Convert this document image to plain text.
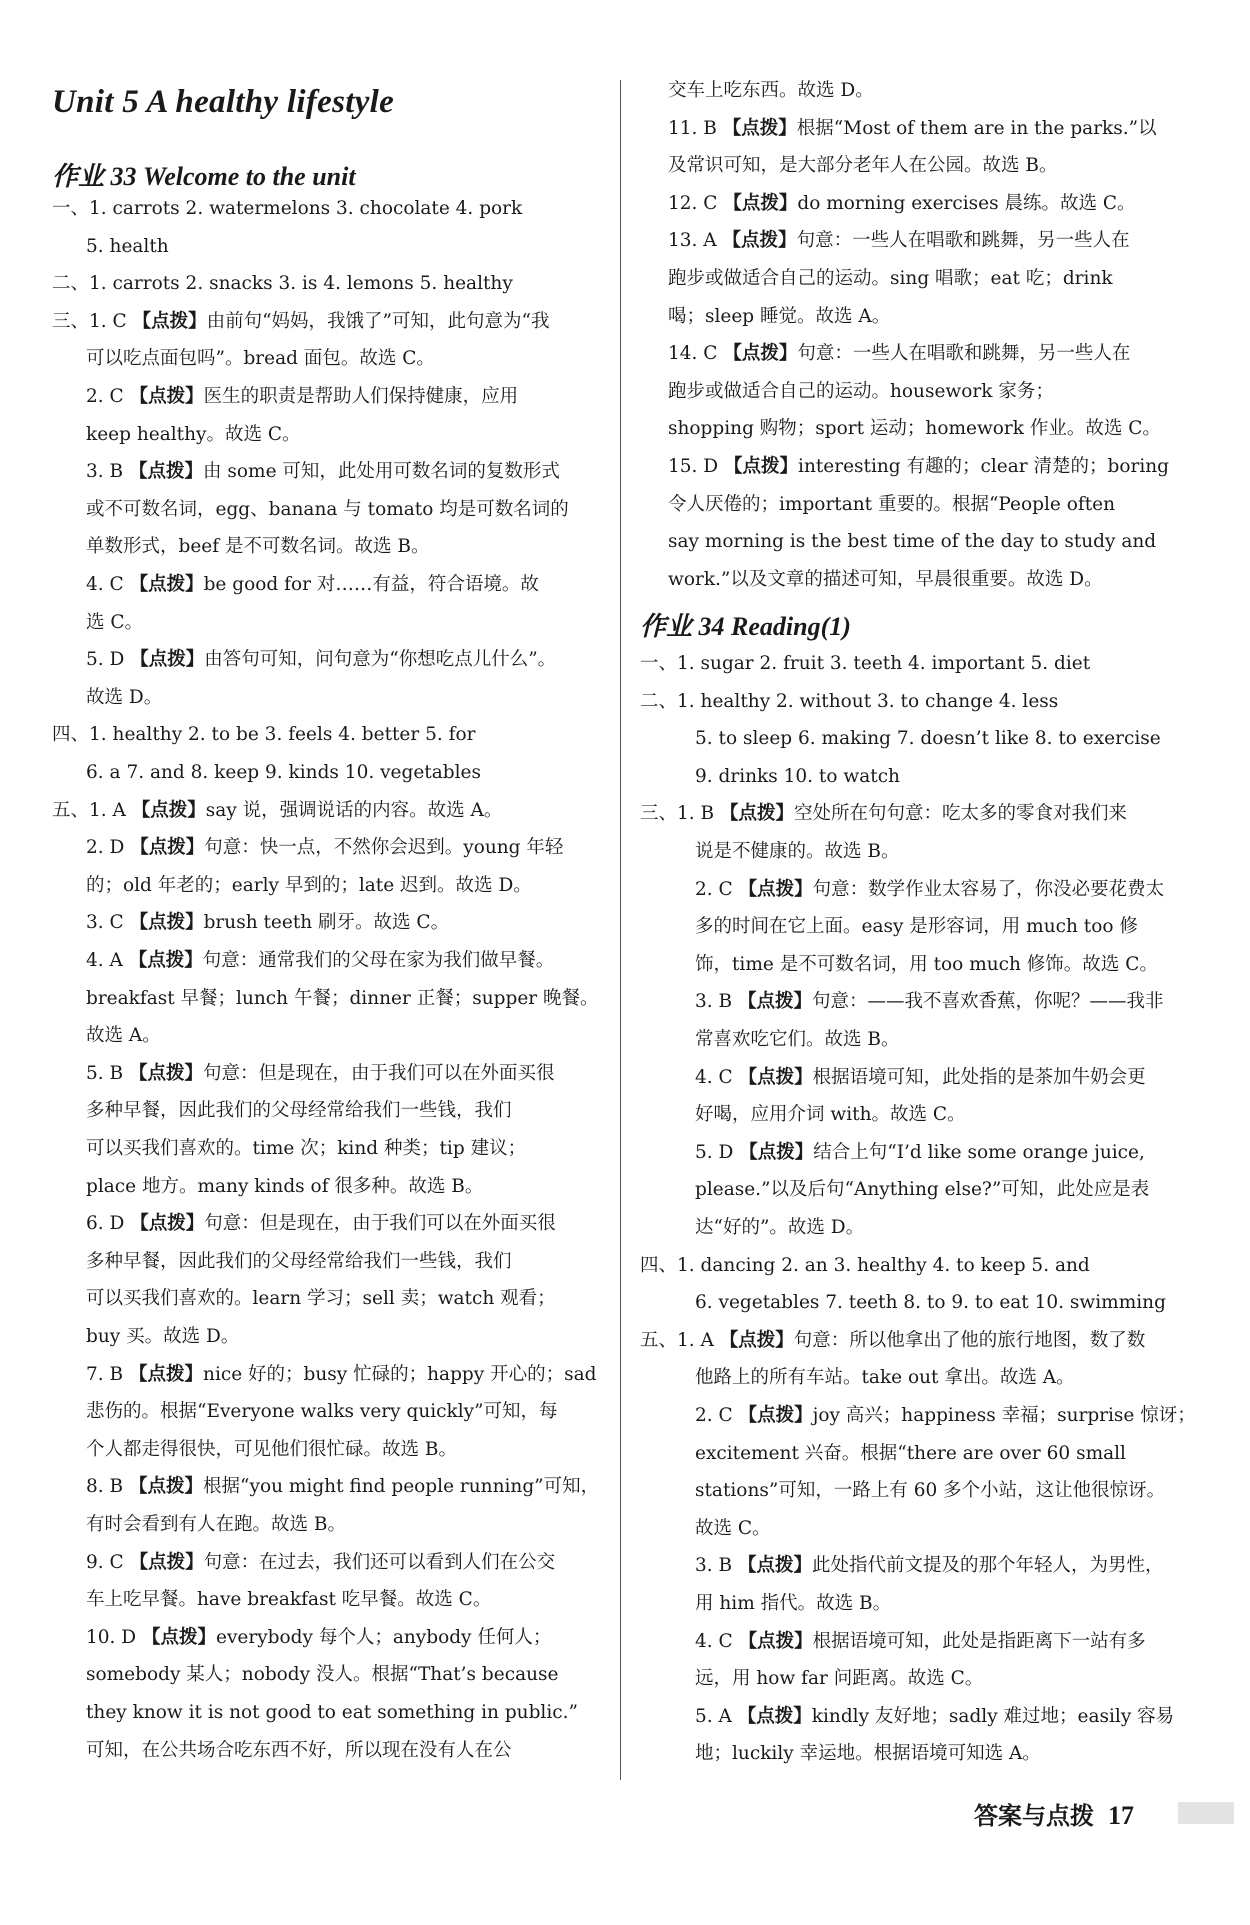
Unit 5 A healthy lifestyle
一、1. carrots 2. watermelons 3. chocolate 4. pork
5. health
二、1. carrots 2. snacks 3. is 4. lemons 5. healthy
三、1. C 【点拨】由前句“妈妈，我饿了”可知，此句意为“我
可以吃点面包吗”。bread 面包。故选 C。
2. C 【点拨】医生的职责是帮助人们保持健康，应用
keep healthy。故选 C。
3. B 【点拨】由 some 可知，此处用可数名词的复数形式
或不可数名词，egg、banana 与 tomato 均是可数名词的
单数形式，beef 是不可数名词。故选 B。
4. C 【点拨】be good for 对……有益，符合语境。故
选 C。
5. D 【点拨】由答句可知，问句意为“你想吃点儿什么”。
故选 D。
四、1. healthy 2. to be 3. feels 4. better 5. for
6. a 7. and 8. keep 9. kinds 10. vegetables
五、1. A 【点拨】say 说，强调说话的内容。故选 A。
2. D 【点拨】句意：快一点，不然你会迟到。young 年轻
的；old 年老的；early 早到的；late 迟到。故选 D。
3. C 【点拨】brush teeth 刷牙。故选 C。
4. A 【点拨】句意：通常我们的父母在家为我们做早餐。
breakfast 早餐；lunch 午餐；dinner 正餐；supper 晚餐。
故选 A。
5. B 【点拨】句意：但是现在，由于我们可以在外面买很
多种早餐，因此我们的父母经常给我们一些钱，我们
可以买我们喜欢的。time 次；kind 种类；tip 建议；
place 地方。many kinds of 很多种。故选 B。
6. D 【点拨】句意：但是现在，由于我们可以在外面买很
多种早餐，因此我们的父母经常给我们一些钱，我们
可以买我们喜欢的。learn 学习；sell 卖；watch 观看；
buy 买。故选 D。
7. B 【点拨】nice 好的；busy 忙碌的；happy 开心的；sad
悲伤的。根据“Everyone walks very quickly”可知，每
个人都走得很快，可见他们很忙碌。故选 B。
8. B 【点拨】根据“you might find people running”可知，
有时会看到有人在跑。故选 B。
9. C 【点拨】句意：在过去，我们还可以看到人们在公交
车上吃早餐。have breakfast 吃早餐。故选 C。
10. D 【点拨】everybody 每个人；anybody 任何人；
somebody 某人；nobody 没人。根据“That’s because
they know it is not good to eat something in public.”
可知，在公共场合吃东西不好，所以现在没有人在公
交车上吃东西。故选 D。
11. B 【点拨】根据“Most of them are in the parks.”以
及常识可知，是大部分老年人在公园。故选 B。
12. C 【点拨】do morning exercises 晨练。故选 C。
13. A 【点拨】句意：一些人在唱歌和跳舞，另一些人在
跑步或做适合自己的运动。sing 唱歌；eat 吃；drink
喝；sleep 睡觉。故选 A。
14. C 【点拨】句意：一些人在唱歌和跳舞，另一些人在
跑步或做适合自己的运动。housework 家务；
shopping 购物；sport 运动；homework 作业。故选 C。
15. D 【点拨】interesting 有趣的；clear 清楚的；boring
令人厌倦的；important 重要的。根据“People often
say morning is the best time of the day to study and
work.”以及文章的描述可知，早晨很重要。故选 D。
一、1. sugar 2. fruit 3. teeth 4. important 5. diet
二、1. healthy 2. without 3. to change 4. less
5. to sleep 6. making 7. doesn’t like 8. to exercise
9. drinks 10. to watch
三、1. B 【点拨】空处所在句句意：吃太多的零食对我们来
说是不健康的。故选 B。
2. C 【点拨】句意：数学作业太容易了，你没必要花费太
多的时间在它上面。easy 是形容词，用 much too 修
饰，time 是不可数名词，用 too much 修饰。故选 C。
3. B 【点拨】句意：——我不喜欢香蕉，你呢？——我非
常喜欢吃它们。故选 B。
4. C 【点拨】根据语境可知，此处指的是茶加牛奶会更
好喝，应用介词 with。故选 C。
5. D 【点拨】结合上句“I’d like some orange juice,
please.”以及后句“Anything else?”可知，此处应是表
达“好的”。故选 D。
四、1. dancing 2. an 3. healthy 4. to keep 5. and
6. vegetables 7. teeth 8. to 9. to eat 10. swimming
五、1. A 【点拨】句意：所以他拿出了他的旅行地图，数了数
他路上的所有车站。take out 拿出。故选 A。
2. C 【点拨】joy 高兴；happiness 幸福；surprise 惊讶；
excitement 兴奋。根据“there are over 60 small
stations”可知，一路上有 60 多个小站，这让他很惊讶。
故选 C。
3. B 【点拨】此处指代前文提及的那个年轻人，为男性，
用 him 指代。故选 B。
4. C 【点拨】根据语境可知，此处是指距离下一站有多
远，用 how far 问距离。故选 C。
5. A 【点拨】kindly 友好地；sadly 难过地；easily 容易
地；luckily 幸运地。根据语境可知选 A。
作业 33 Welcome to the unit
作业 34 Reading(1)
答案与点拨 17
